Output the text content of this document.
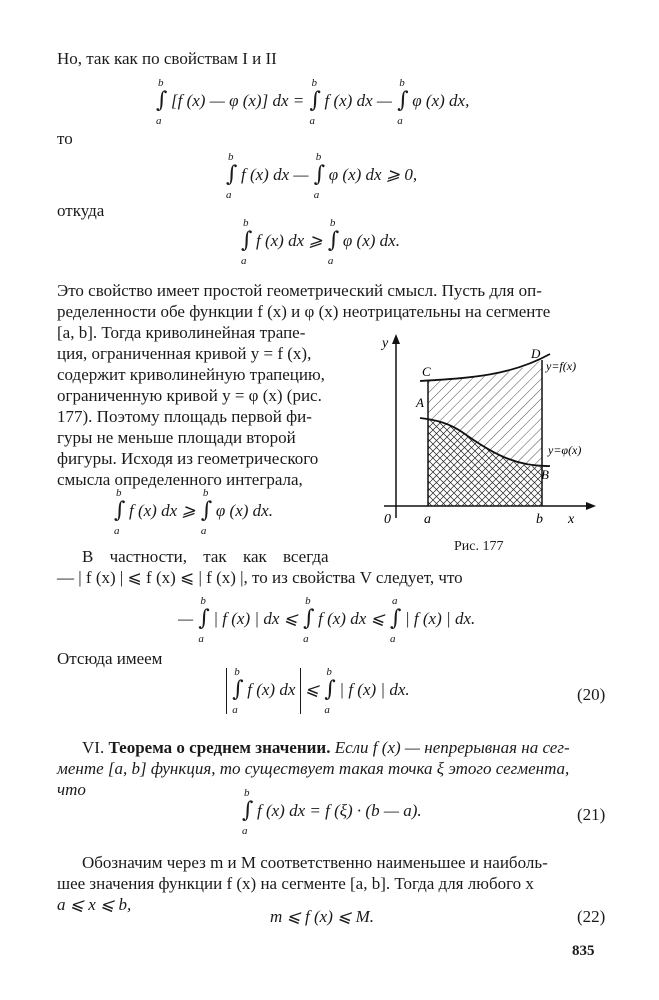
Но, так как по свойствам I и II
b
∫
a
[f (x) — φ (x)] dx =
b
∫
a
f (x) dx —
b
∫
a
φ (x) dx,
то
b
∫
a
f (x) dx —
b
∫
a
φ (x) dx ⩾ 0,
откуда
b
∫
a
f (x) dx ⩾
b
∫
a
φ (x) dx.
Это свойство имеет простой геометрический смысл. Пусть для оп-
ределенности обе функции f (x) и φ (x) неотрицательны на сегменте
[a, b]. Тогда криволинейная трапе-
ция, ограниченная кривой y = f (x),
содержит криволинейную трапецию,
ограниченную кривой y = φ (x) (рис.
177). Поэтому площадь первой фи-
гуры не меньше площади второй
фигуры. Исходя из геометрического
смысла определенного интеграла,
b
∫
a
f (x) dx ⩾
b
∫
a
φ (x) dx.
y
0 a	b x
C
D
A
B
y=f(x)
y=φ(x)
Рис. 177
В частности, так как всегда
— | f (x) | ⩽ f (x) ⩽ | f (x) |, то из свойства V следует, что
—
b
∫
a
| f (x) | dx ⩽
b
∫
a
f (x) dx ⩽
a
∫
a
| f (x) | dx.
Отсюда имеем

b
∫
a
f (x) dx ⩽
b
∫
a
| f (x) | dx.	(20)
VI. Теорема о среднем значении. Если f (x) — непрерывная на сег-
менте [a, b] функция, то существует такая точка ξ этого сегмента,
что	b
∫
a
f (x) dx = f (ξ) · (b — a).	(21)
Обозначим через m и M соответственно наименьшее и наиболь-
шее значения функции f (x) на сегменте [a, b]. Тогда для любого x
a ⩽ x ⩽ b,
m ⩽ f (x) ⩽ M.	(22)
835
